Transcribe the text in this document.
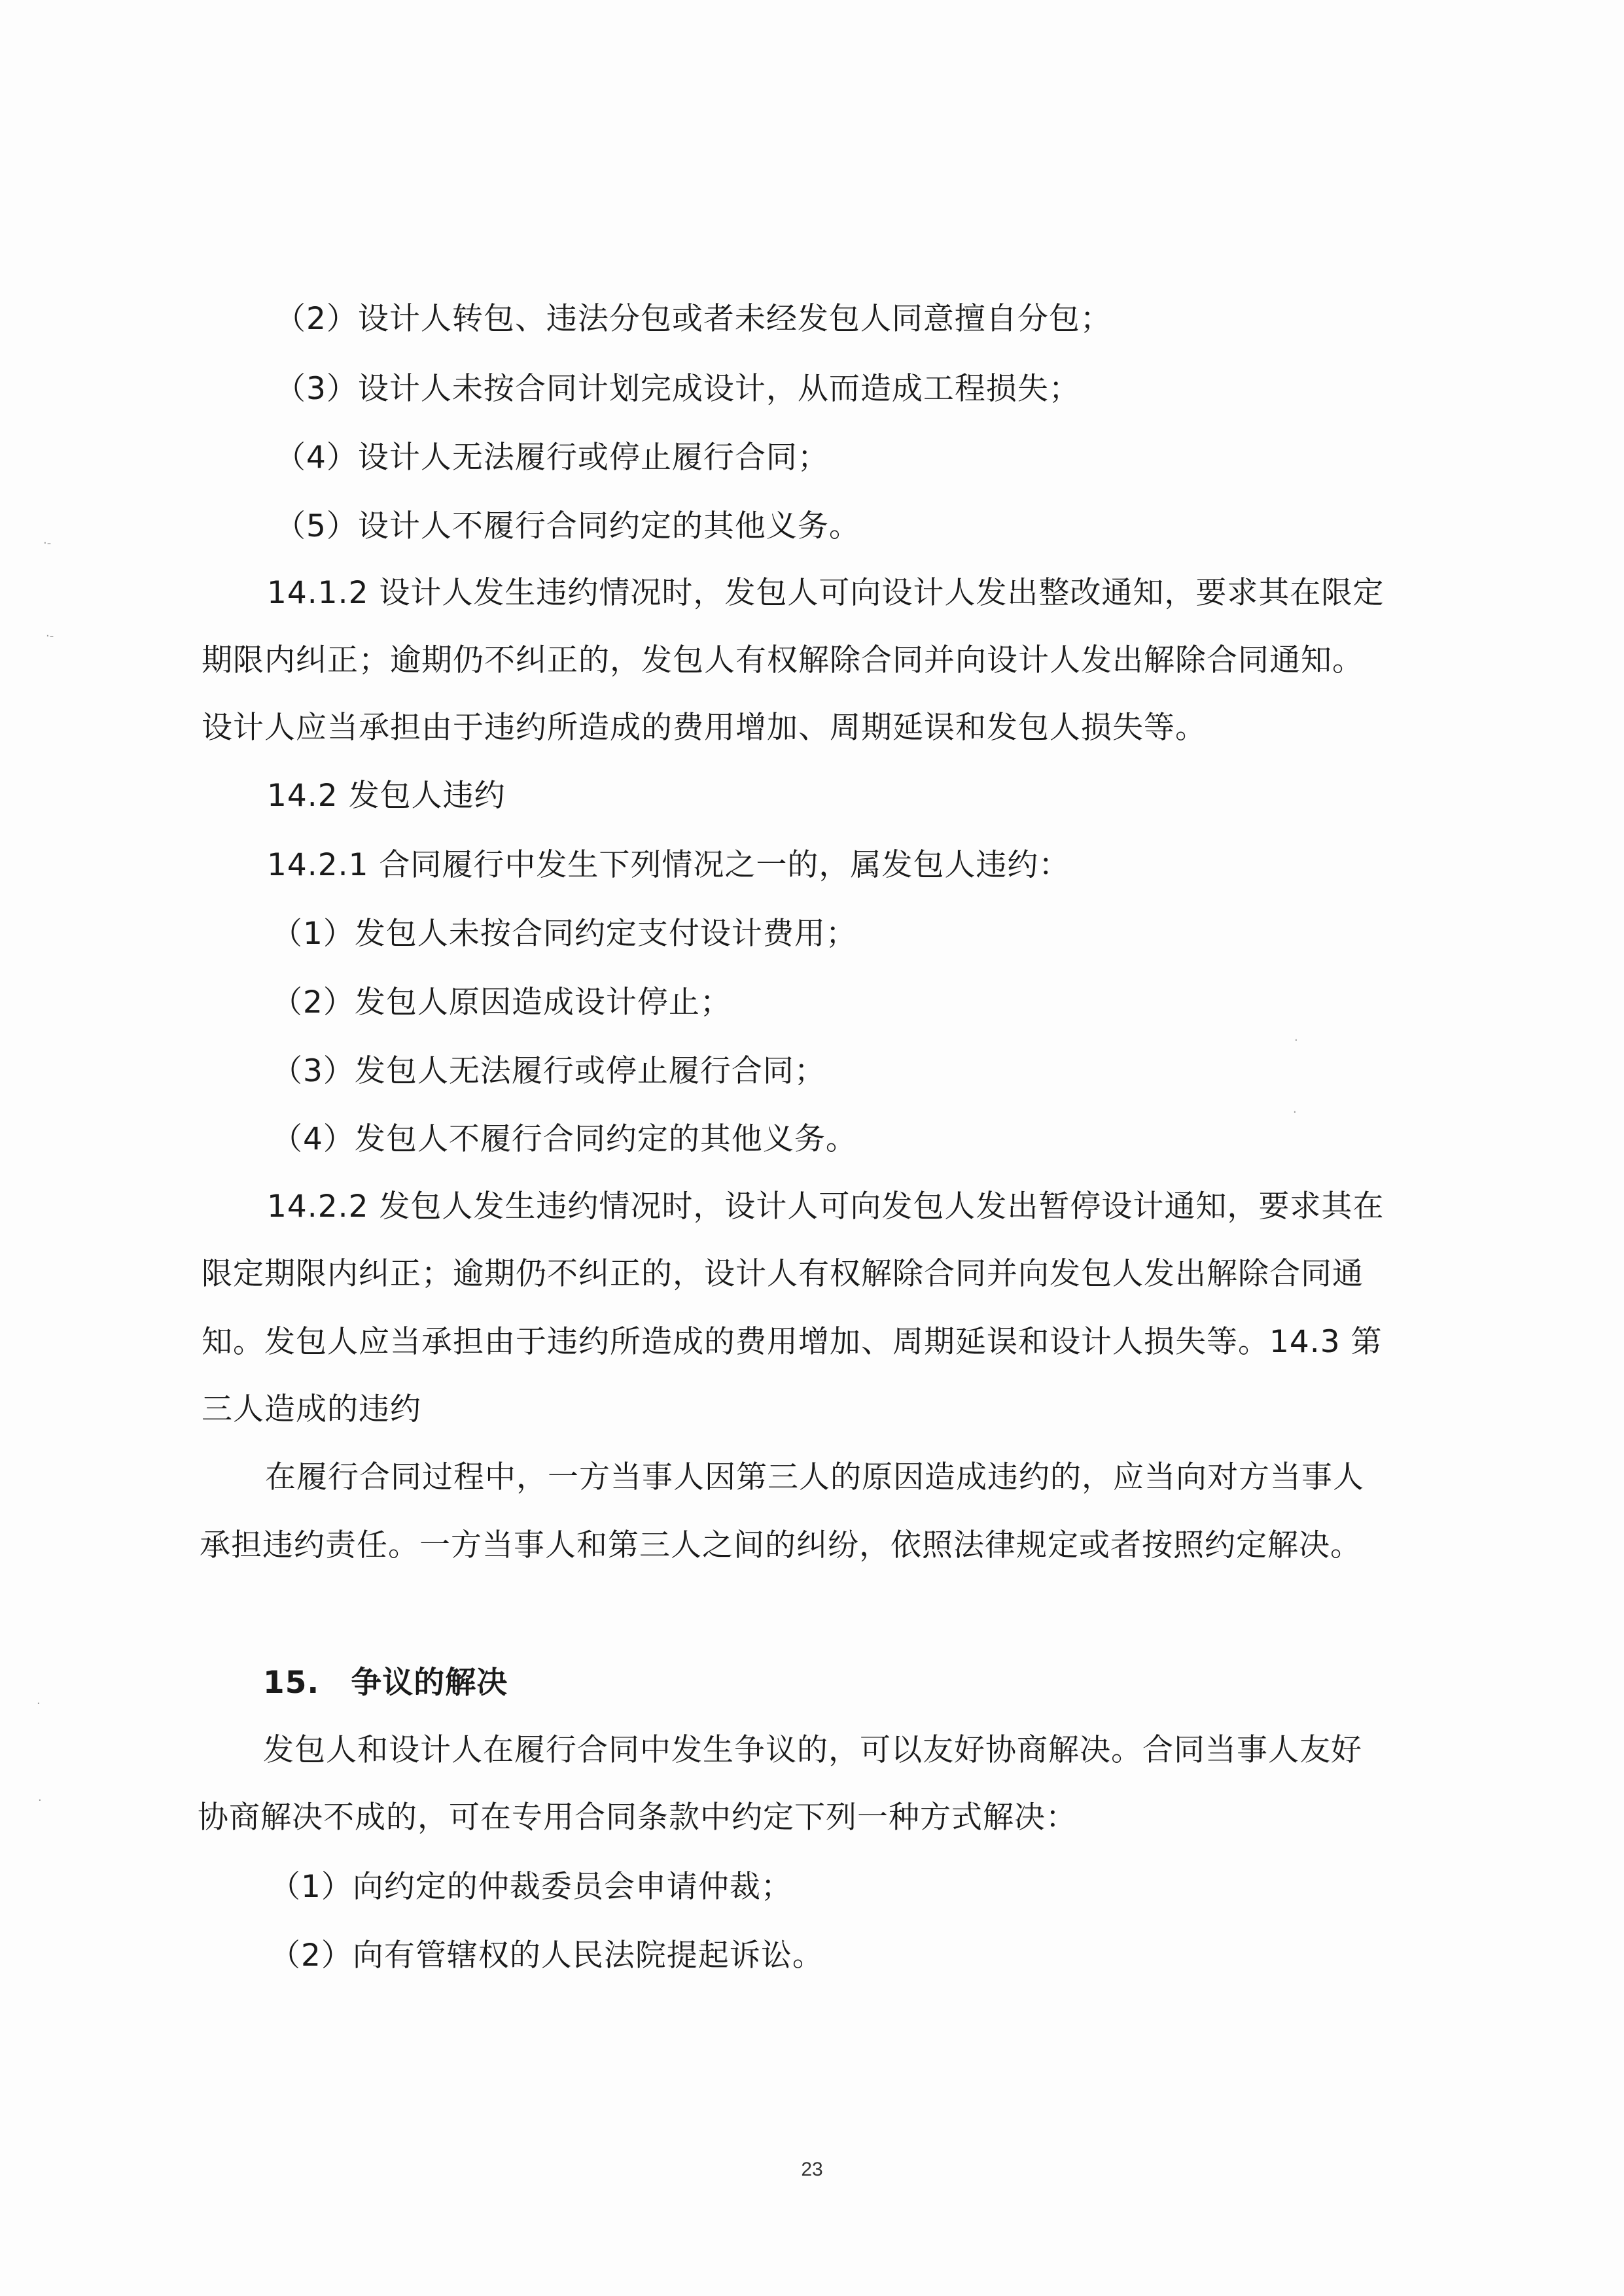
（2）设计人转包、违法分包或者未经发包人同意擅自分包；
（3）设计人未按合同计划完成设计，从而造成工程损失；
（4）设计人无法履行或停止履行合同；
（5）设计人不履行合同约定的其他义务。
14.1.2 设计人发生违约情况时，发包人可向设计人发出整改通知，要求其在限定
期限内纠正；逾期仍不纠正的，发包人有权解除合同并向设计人发出解除合同通知。
设计人应当承担由于违约所造成的费用增加、周期延误和发包人损失等。
14.2 发包人违约
14.2.1 合同履行中发生下列情况之一的，属发包人违约：
（1）发包人未按合同约定支付设计费用；
（2）发包人原因造成设计停止；
（3）发包人无法履行或停止履行合同；
（4）发包人不履行合同约定的其他义务。
14.2.2 发包人发生违约情况时，设计人可向发包人发出暂停设计通知，要求其在
限定期限内纠正；逾期仍不纠正的，设计人有权解除合同并向发包人发出解除合同通
知。发包人应当承担由于违约所造成的费用增加、周期延误和设计人损失等。14.3 第
三人造成的违约
在履行合同过程中，一方当事人因第三人的原因造成违约的，应当向对方当事人
承担违约责任。一方当事人和第三人之间的纠纷，依照法律规定或者按照约定解决。
15.　争议的解决
发包人和设计人在履行合同中发生争议的，可以友好协商解决。合同当事人友好
协商解决不成的，可在专用合同条款中约定下列一种方式解决：
（1）向约定的仲裁委员会申请仲裁；
（2）向有管辖权的人民法院提起诉讼。
23
·-
·-
·
·
·
·
